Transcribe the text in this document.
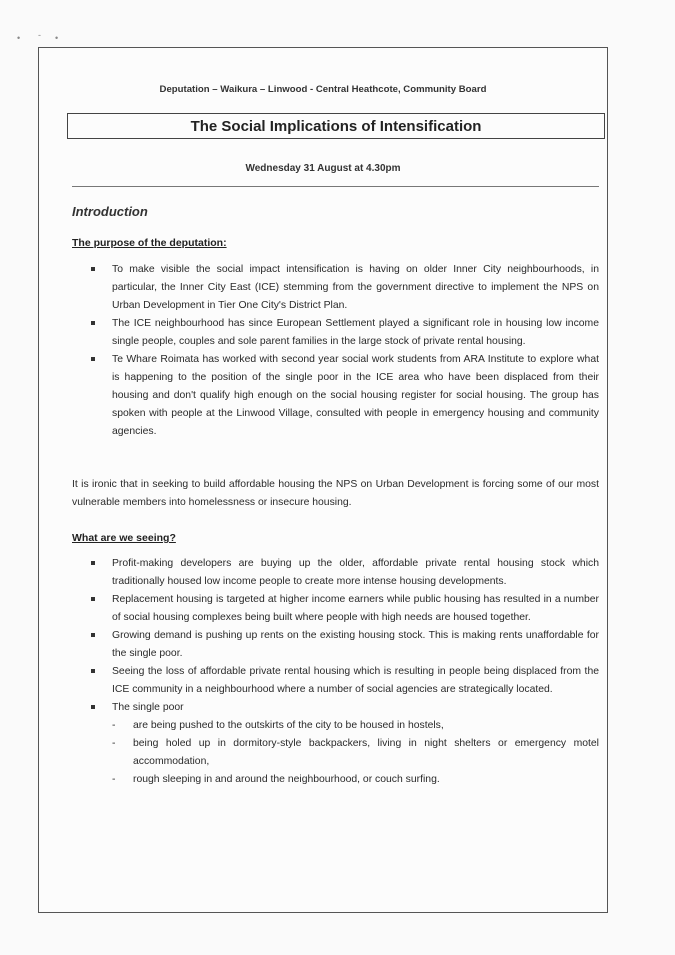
• - •
Deputation – Waikura – Linwood - Central Heathcote, Community Board
The Social Implications of Intensification
Wednesday 31 August at 4.30pm
Introduction
The purpose of the deputation:
To make visible the social impact intensification is having on older Inner City neighbourhoods, in particular, the Inner City East (ICE) stemming from the government directive to implement the NPS on Urban Development in Tier One City's District Plan.
The ICE neighbourhood has since European Settlement played a significant role in housing low income single people, couples and sole parent families in the large stock of private rental housing.
Te Whare Roimata has worked with second year social work students from ARA Institute to explore what is happening to the position of the single poor in the ICE area who have been displaced from their housing and don't qualify high enough on the social housing register for social housing. The group has spoken with people at the Linwood Village, consulted with people in emergency housing and community agencies.
It is ironic that in seeking to build affordable housing the NPS on Urban Development is forcing some of our most vulnerable members into homelessness or insecure housing.
What are we seeing?
Profit-making developers are buying up the older, affordable private rental housing stock which traditionally housed low income people to create more intense housing developments.
Replacement housing is targeted at higher income earners while public housing has resulted in a number of social housing complexes being built where people with high needs are housed together.
Growing demand is pushing up rents on the existing housing stock. This is making rents unaffordable for the single poor.
Seeing the loss of affordable private rental housing which is resulting in people being displaced from the ICE community in a neighbourhood where a number of social agencies are strategically located.
The single poor
- are being pushed to the outskirts of the city to be housed in hostels,
- being holed up in dormitory-style backpackers, living in night shelters or emergency motel accommodation,
- rough sleeping in and around the neighbourhood, or couch surfing.
